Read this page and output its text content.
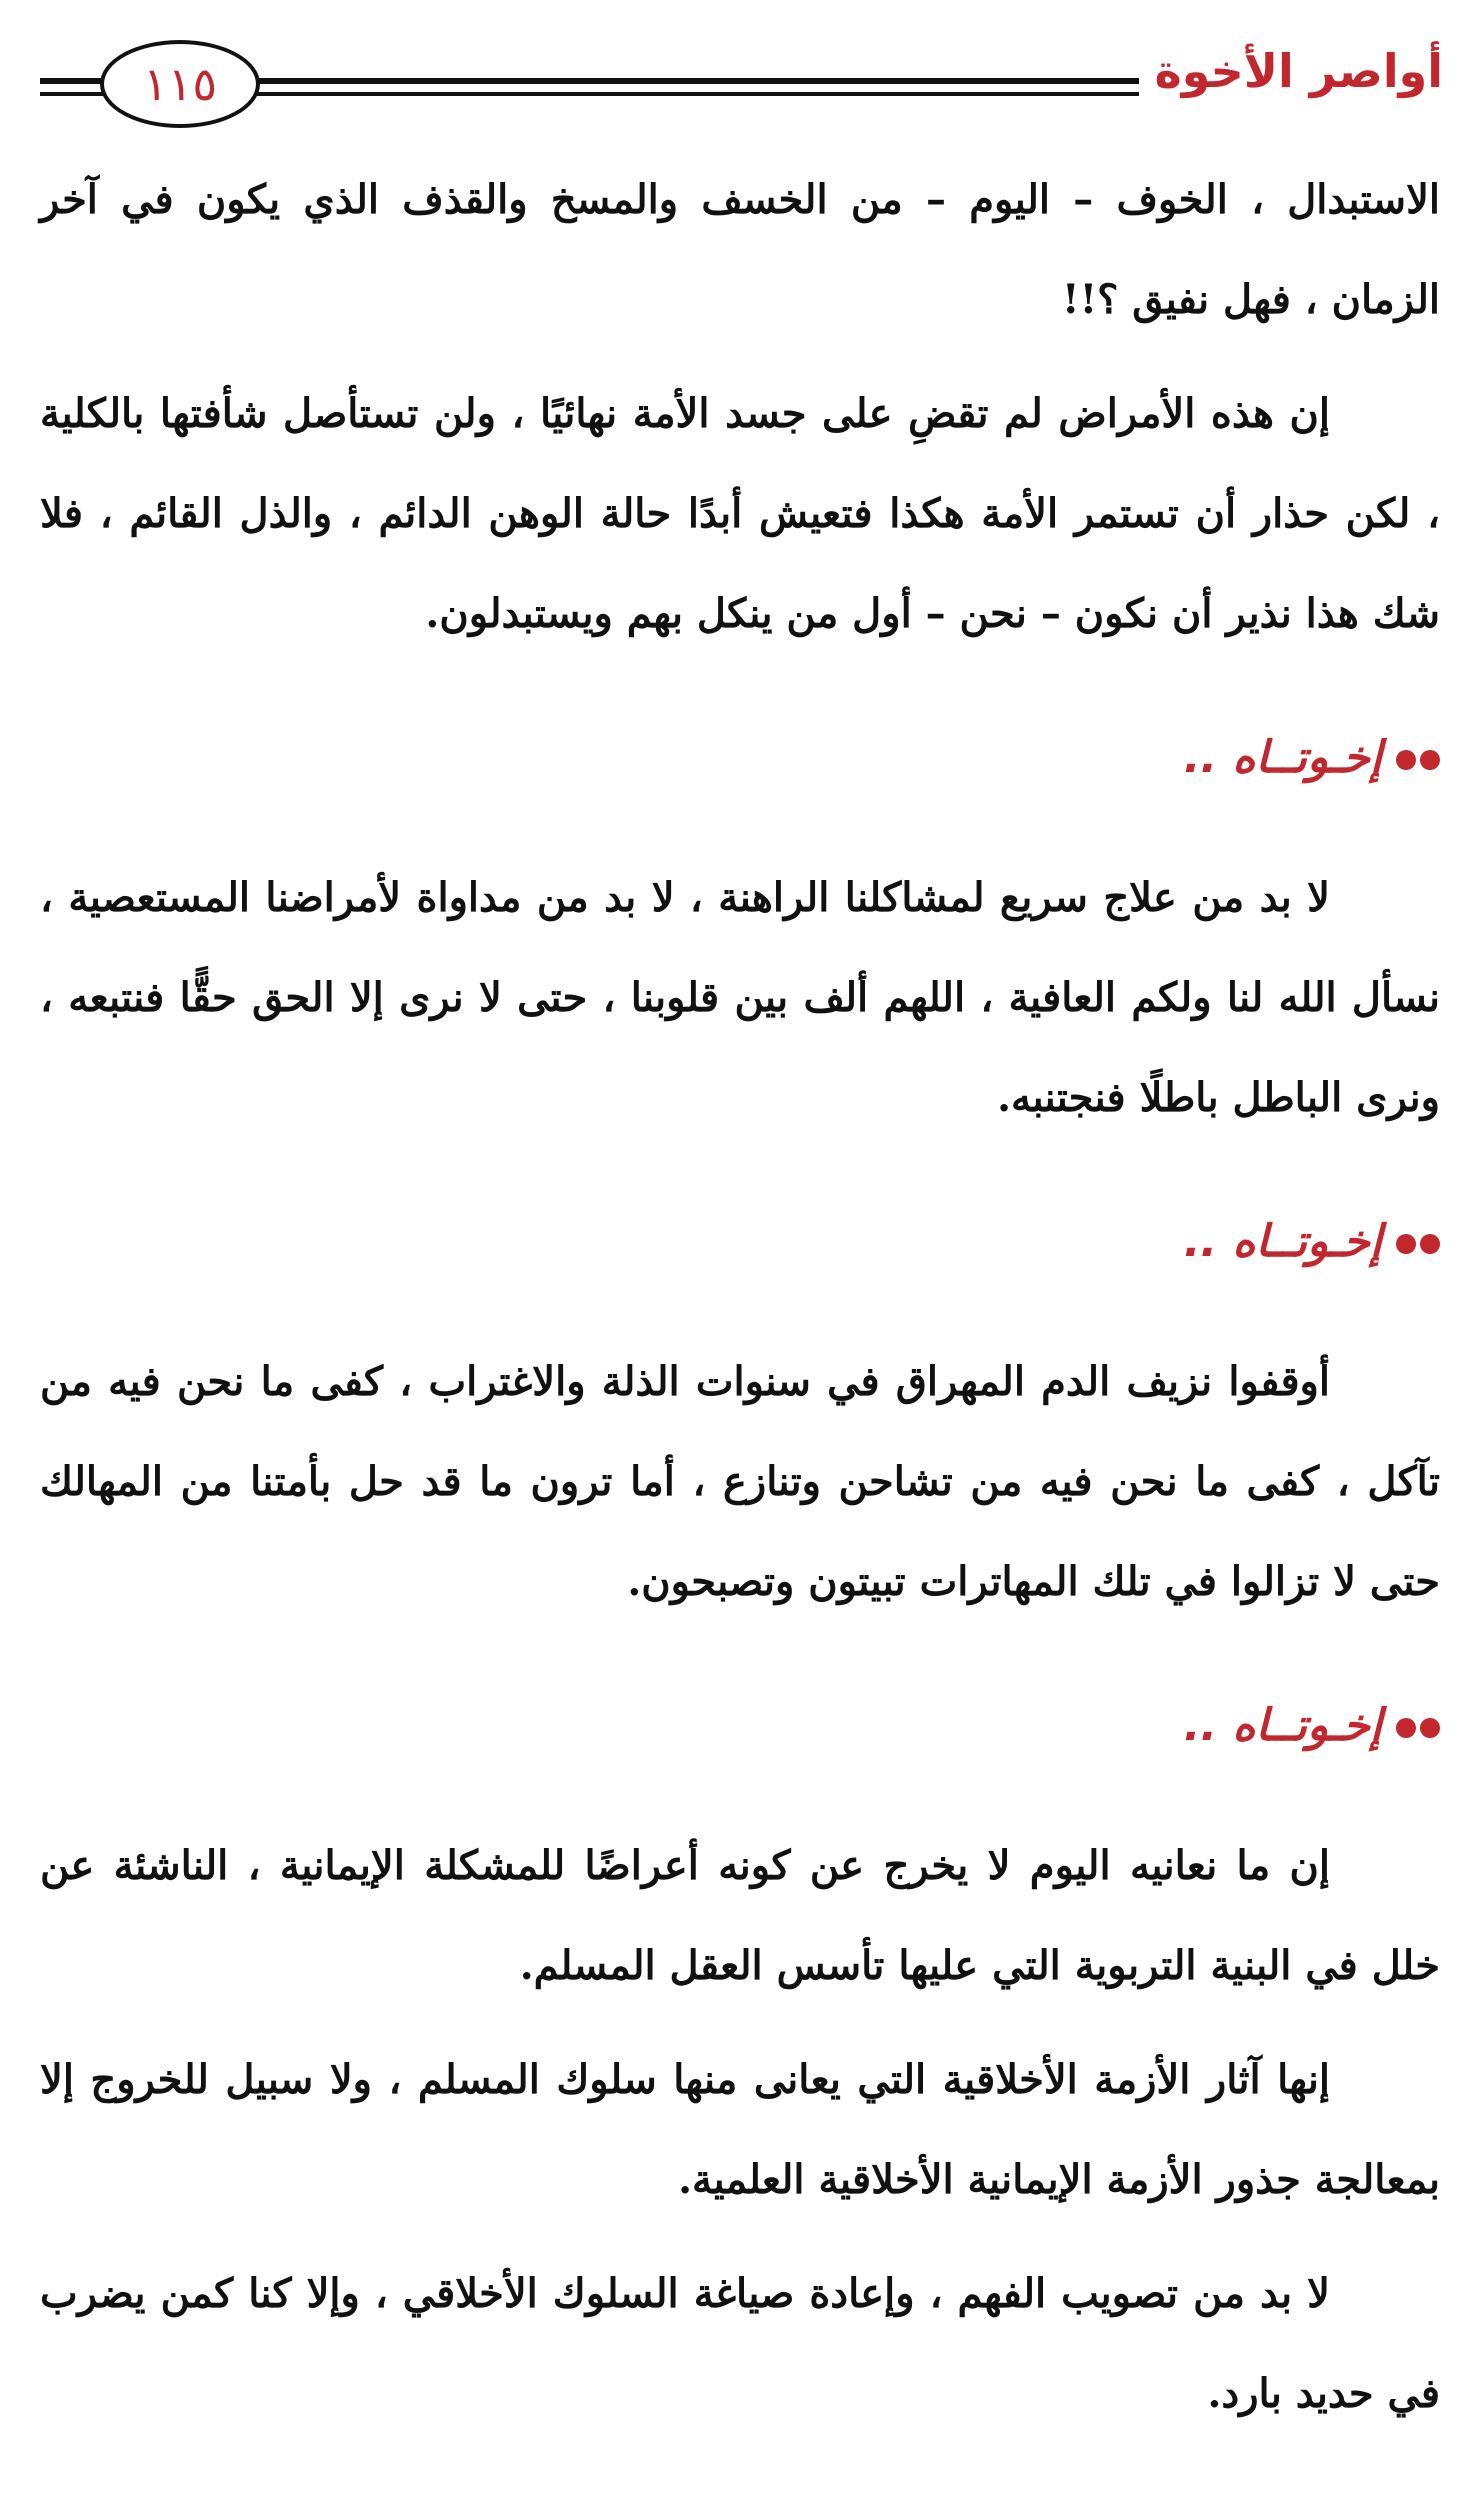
١١٥	أواصر الأخوة

الاستبدال ، الخوف – اليوم – من الخسف والمسخ والقذف الذي يكون في آخر الزمان ، فهل نفيق ؟!!

إن هذه الأمراض لم تقضِ على جسد الأمة نهائيًا ، ولن تستأصل شأفتها بالكلية ، لكن حذار أن تستمر الأمة هكذا فتعيش أبدًا حالة الوهن الدائم ، والذل القائم ، فلا شك هذا نذير أن نكون – نحن – أول من ينكل بهم ويستبدلون.

إخـوتــاه ..

لا بد من علاج سريع لمشاكلنا الراهنة ، لا بد من مداواة لأمراضنا المستعصية ، نسأل الله لنا ولكم العافية ، اللهم ألف بين قلوبنا ، حتى لا نرى إلا الحق حقًّا فنتبعه ، ونرى الباطل باطلًا فنجتنبه.

إخـوتــاه ..

أوقفوا نزيف الدم المهراق في سنوات الذلة والاغتراب ، كفى ما نحن فيه من تآكل ، كفى ما نحن فيه من تشاحن وتنازع ، أما ترون ما قد حل بأمتنا من المهالك حتى لا تزالوا في تلك المهاترات تبيتون وتصبحون.

إخـوتــاه ..

إن ما نعانيه اليوم لا يخرج عن كونه أعراضًا للمشكلة الإيمانية ، الناشئة عن خلل في البنية التربوية التي عليها تأسس العقل المسلم.

إنها آثار الأزمة الأخلاقية التي يعانى منها سلوك المسلم ، ولا سبيل للخروج إلا بمعالجة جذور الأزمة الإيمانية الأخلاقية العلمية.

لا بد من تصويب الفهم ، وإعادة صياغة السلوك الأخلاقي ، وإلا كنا كمن يضرب في حديد بارد.
